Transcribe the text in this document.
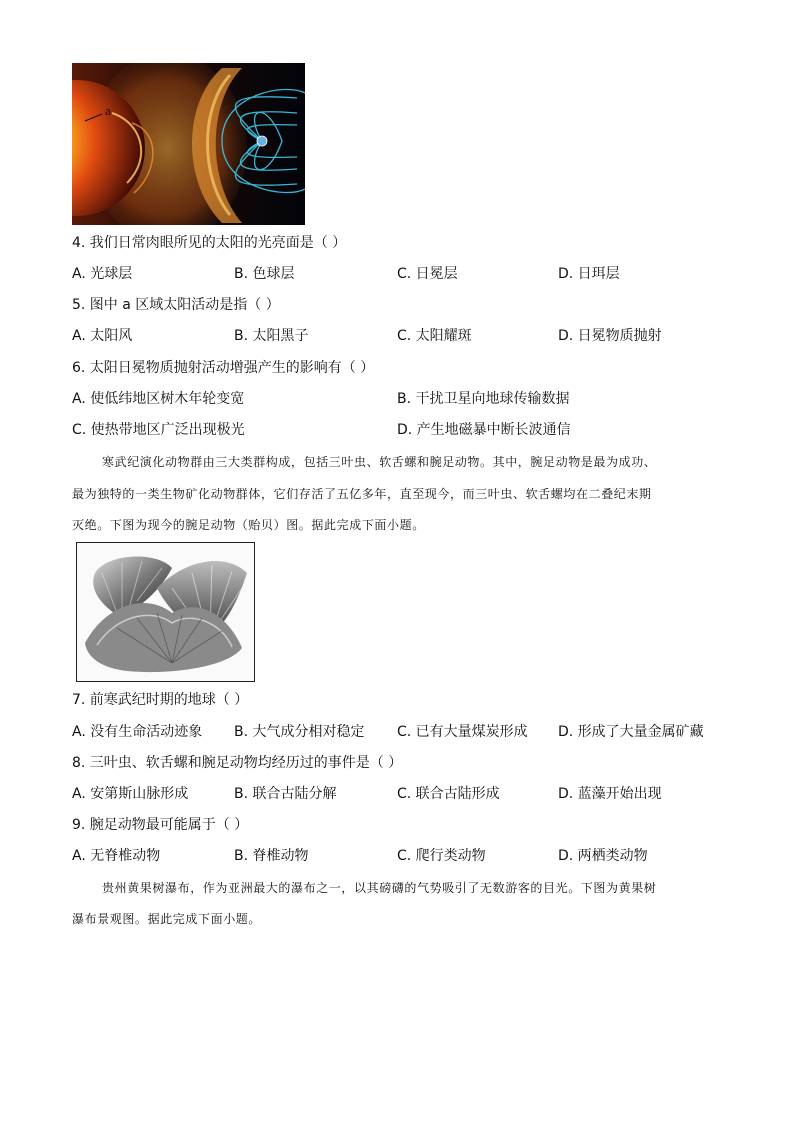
a
4. 我们日常肉眼所见的太阳的光亮面是（ ）
A. 光球层	B. 色球层	C. 日冕层	D. 日珥层
5. 图中 a 区域太阳活动是指（ ）
A. 太阳风	B. 太阳黑子	C. 太阳耀斑	D. 日冕物质抛射
6. 太阳日冕物质抛射活动增强产生的影响有（ ）
A. 使低纬地区树木年轮变宽	B. 干扰卫星向地球传输数据
C. 使热带地区广泛出现极光	D. 产生地磁暴中断长波通信
寒武纪演化动物群由三大类群构成，包括三叶虫、软舌螺和腕足动物。其中，腕足动物是最为成功、
最为独特的一类生物矿化动物群体，它们存活了五亿多年，直至现今，而三叶虫、软舌螺均在二叠纪末期
灭绝。下图为现今的腕足动物（贻贝）图。据此完成下面小题。
7. 前寒武纪时期的地球（ ）
A. 没有生命活动迹象 B. 大气成分相对稳定 C. 已有大量煤炭形成 D. 形成了大量金属矿藏
8. 三叶虫、软舌螺和腕足动物均经历过的事件是（ ）
A. 安第斯山脉形成	B. 联合古陆分解	C. 联合古陆形成	D. 蓝藻开始出现
9. 腕足动物最可能属于（ ）
A. 无脊椎动物	B. 脊椎动物	C. 爬行类动物	D. 两栖类动物
贵州黄果树瀑布，作为亚洲最大的瀑布之一，以其磅礴的气势吸引了无数游客的目光。下图为黄果树
瀑布景观图。据此完成下面小题。
